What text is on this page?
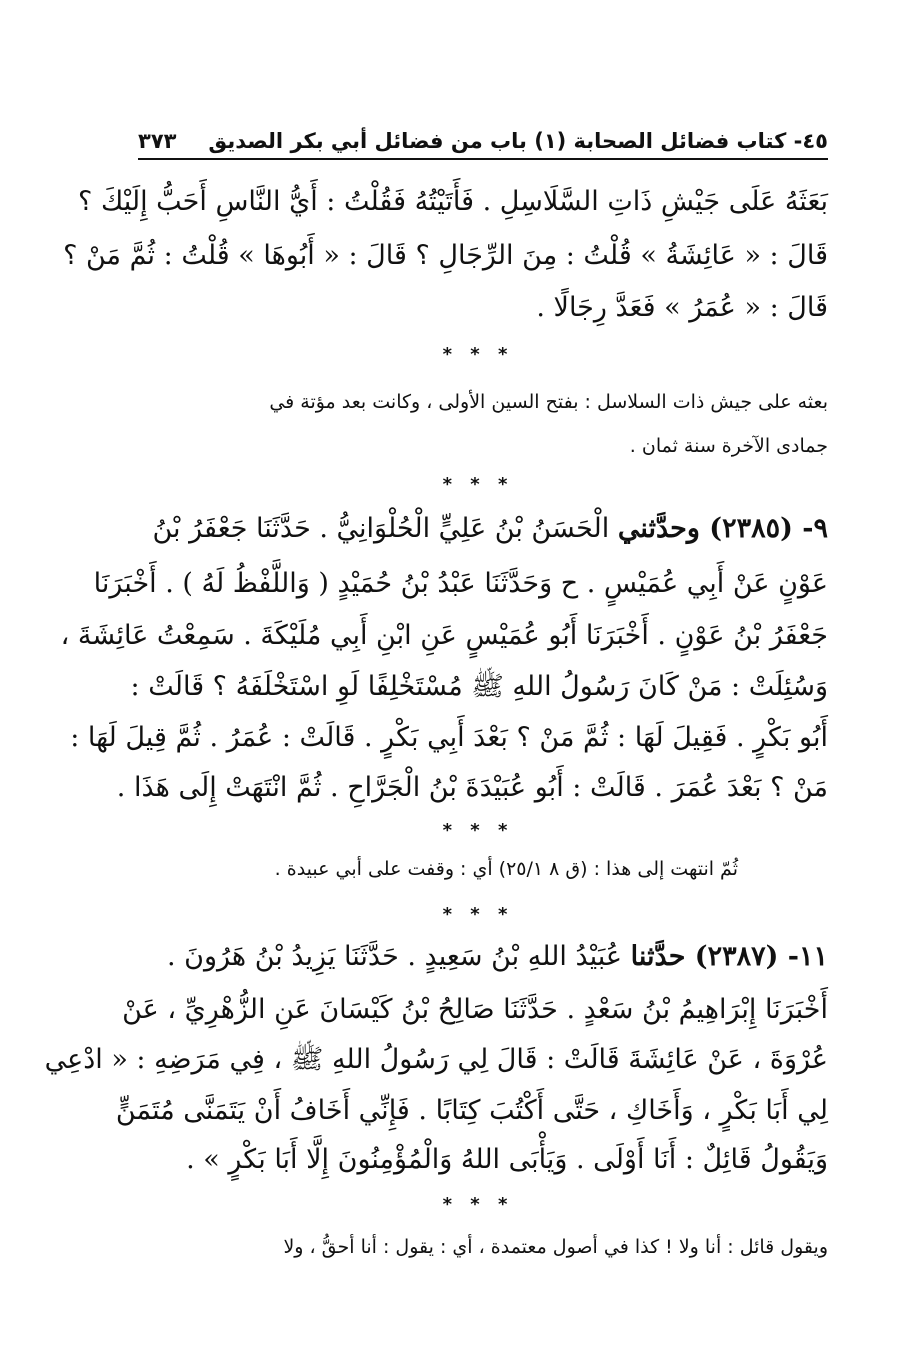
٤٥- كتاب فضائل الصحابة (١) باب من فضائل أبي بكر الصديق
٣٧٣
بَعَثَهُ عَلَى جَيْشِ ذَاتِ السَّلَاسِلِ . فَأَتَيْتُهُ فَقُلْتُ : أَيُّ النَّاسِ أَحَبُّ إِلَيْكَ ؟
قَالَ : « عَائِشَةُ » قُلْتُ : مِنَ الرِّجَالِ ؟ قَالَ : « أَبُوهَا » قُلْتُ : ثُمَّ مَنْ ؟
قَالَ : « عُمَرُ » فَعَدَّ رِجَالًا .
* * *
بعثه على جيش ذات السلاسل : بفتح السين الأولى ، وكانت بعد مؤتة في
جمادى الآخرة سنة ثمان .
* * *
٩- (٢٣٨٥) وحدَّثني الْحَسَنُ بْنُ عَلِيٍّ الْحُلْوَانِيُّ . حَدَّثَنَا جَعْفَرُ بْنُ
عَوْنٍ عَنْ أَبِي عُمَيْسٍ . ح وَحَدَّثَنَا عَبْدُ بْنُ حُمَيْدٍ ( وَاللَّفْظُ لَهُ ) . أَخْبَرَنَا
جَعْفَرُ بْنُ عَوْنٍ . أَخْبَرَنَا أَبُو عُمَيْسٍ عَنِ ابْنِ أَبِي مُلَيْكَةَ . سَمِعْتُ عَائِشَةَ ،
وَسُئِلَتْ : مَنْ كَانَ رَسُولُ اللهِ ﷺ مُسْتَخْلِفًا لَوِ اسْتَخْلَفَهُ ؟ قَالَتْ :
أَبُو بَكْرٍ . فَقِيلَ لَهَا : ثُمَّ مَنْ ؟ بَعْدَ أَبِي بَكْرٍ . قَالَتْ : عُمَرُ . ثُمَّ قِيلَ لَهَا :
مَنْ ؟ بَعْدَ عُمَرَ . قَالَتْ : أَبُو عُبَيْدَةَ بْنُ الْجَرَّاحِ . ثُمَّ انْتَهَتْ إِلَى هَذَا .
* * *
ثُمّ انتهت إلى هذا : (ق ٨ ٢٥/١) أي : وقفت على أبي عبيدة .
* * *
١١- (٢٣٨٧) حدَّثنا عُبَيْدُ اللهِ بْنُ سَعِيدٍ . حَدَّثَنَا يَزِيدُ بْنُ هَرُونَ .
أَخْبَرَنَا إِبْرَاهِيمُ بْنُ سَعْدٍ . حَدَّثَنَا صَالِحُ بْنُ كَيْسَانَ عَنِ الزُّهْرِيِّ ، عَنْ
عُرْوَةَ ، عَنْ عَائِشَةَ قَالَتْ : قَالَ لِي رَسُولُ اللهِ ﷺ ، فِي مَرَضِهِ : « ادْعِي
لِي أَبَا بَكْرٍ ، وَأَخَاكِ ، حَتَّى أَكْتُبَ كِتَابًا . فَإِنِّي أَخَافُ أَنْ يَتَمَنَّى مُتَمَنٍّ
وَيَقُولُ قَائِلٌ : أَنَا أَوْلَى . وَيَأْبَى اللهُ وَالْمُؤْمِنُونَ إِلَّا أَبَا بَكْرٍ » .
* * *
ويقول قائل : أنا ولا ! كذا في أصول معتمدة ، أي : يقول : أنا أحقُّ ، ولا
